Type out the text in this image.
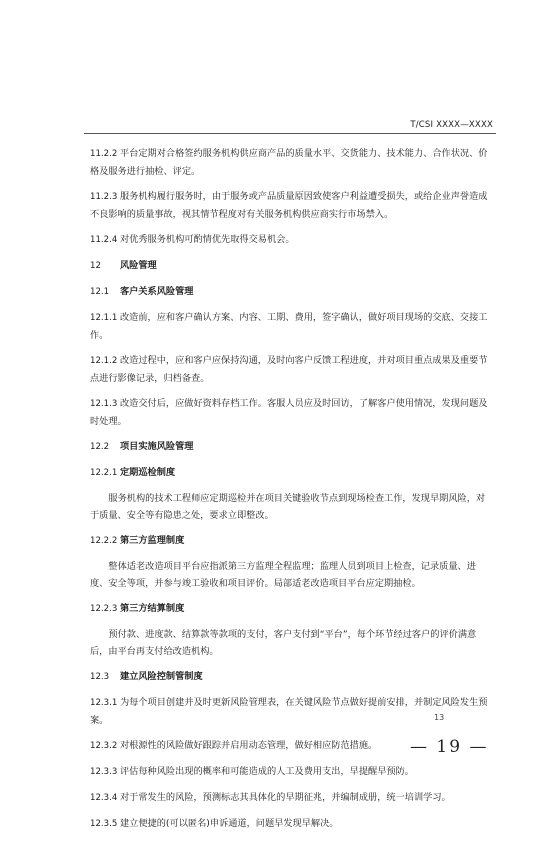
T/CSI XXXX—XXXX
11.2.2 平台定期对合格签约服务机构供应商产品的质量水平、交货能力、技术能力、合作状况、价格及服务进行抽检、评定。
11.2.3 服务机构履行服务时，由于服务或产品质量原因致使客户利益遭受损失，或给企业声誉造成不良影响的质量事故，视其情节程度对有关服务机构供应商实行市场禁入。
11.2.4 对优秀服务机构可酌情优先取得交易机会。
12 风险管理
12.1 客户关系风险管理
12.1.1 改造前，应和客户确认方案、内容、工期、费用，签字确认，做好项目现场的交底、交接工作。
12.1.2 改造过程中，应和客户应保持沟通，及时向客户反馈工程进度，并对项目重点成果及重要节点进行影像记录，归档备查。
12.1.3 改造交付后，应做好资料存档工作。客服人员应及时回访，了解客户使用情况，发现问题及时处理。
12.2 项目实施风险管理
12.2.1 定期巡检制度
服务机构的技术工程师应定期巡检并在项目关键验收节点到现场检查工作，发现早期风险，对于质量、安全等有隐患之处，要求立即整改。
12.2.2 第三方监理制度
整体适老改造项目平台应指派第三方监理全程监理；监理人员到项目上检查，记录质量、进度、安全等项，并参与竣工验收和项目评价。局部适老改造项目平台应定期抽检。
12.2.3 第三方结算制度
预付款、进度款、结算款等款项的支付，客户支付到“平台”，每个环节经过客户的评价满意后，由平台再支付给改造机构。
12.3 建立风险控制管制度
12.3.1 为每个项目创建并及时更新风险管理表，在关键风险节点做好提前安排，并制定风险发生预案。
12.3.2 对根源性的风险做好跟踪并启用动态管理，做好相应防范措施。
12.3.3 评估每种风险出现的概率和可能造成的人工及费用支出，早提醒早预防。
12.3.4 对于常发生的风险，预测标志其具体化的早期征兆，并编制成册，统一培训学习。
12.3.5 建立便捷的(可以匿名)申诉通道，问题早发现早解决。
13
— 19 —
